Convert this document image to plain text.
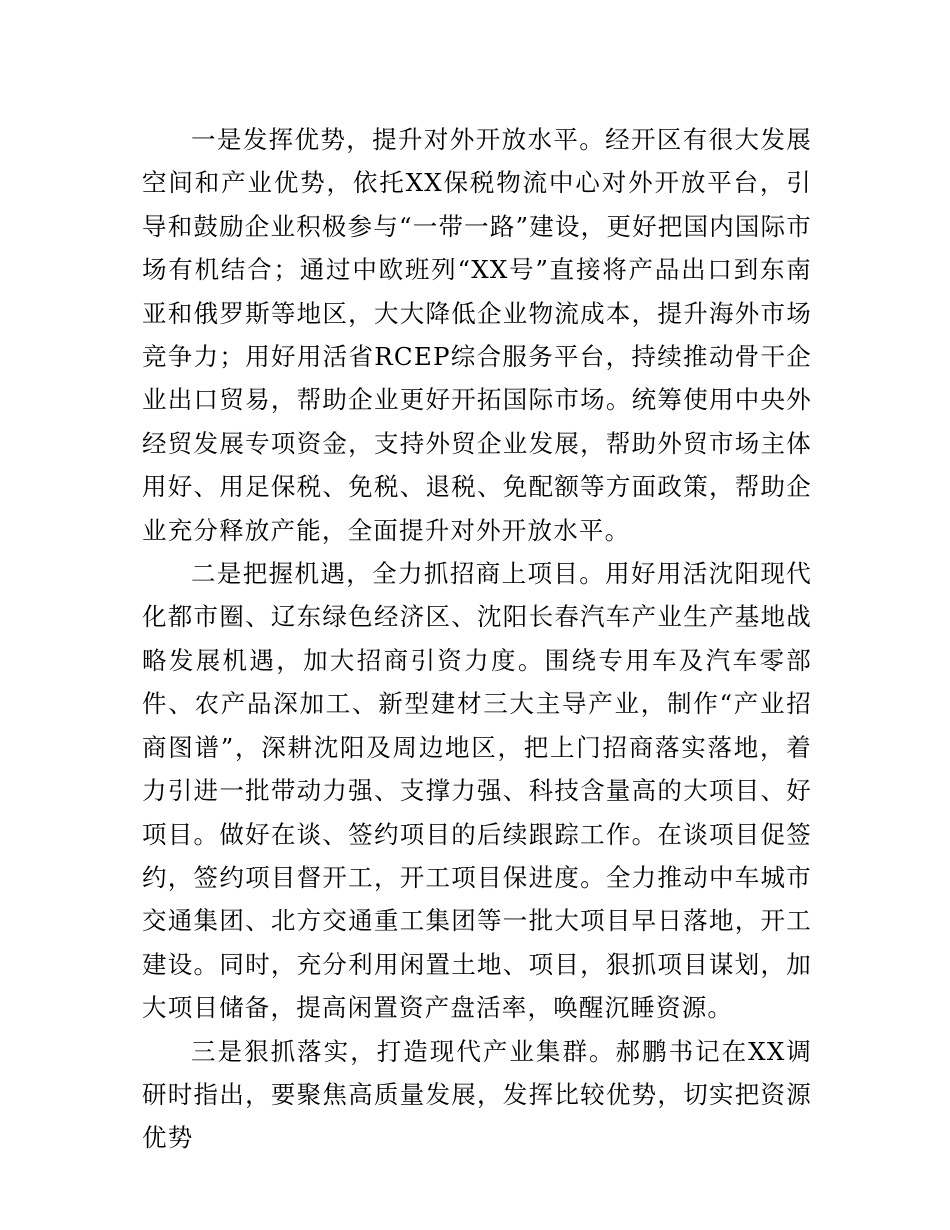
一是发挥优势，提升对外开放水平。经开区有很大发展空间和产业优势，依托XX保税物流中心对外开放平台，引导和鼓励企业积极参与“一带一路”建设，更好把国内国际市场有机结合；通过中欧班列“XX号”直接将产品出口到东南亚和俄罗斯等地区，大大降低企业物流成本，提升海外市场竞争力；用好用活省RCEP综合服务平台，持续推动骨干企业出口贸易，帮助企业更好开拓国际市场。统筹使用中央外经贸发展专项资金，支持外贸企业发展，帮助外贸市场主体用好、用足保税、免税、退税、免配额等方面政策，帮助企业充分释放产能，全面提升对外开放水平。

二是把握机遇，全力抓招商上项目。用好用活沈阳现代化都市圈、辽东绿色经济区、沈阳长春汽车产业生产基地战略发展机遇，加大招商引资力度。围绕专用车及汽车零部件、农产品深加工、新型建材三大主导产业，制作“产业招商图谱”，深耕沈阳及周边地区，把上门招商落实落地，着力引进一批带动力强、支撑力强、科技含量高的大项目、好项目。做好在谈、签约项目的后续跟踪工作。在谈项目促签约，签约项目督开工，开工项目保进度。全力推动中车城市交通集团、北方交通重工集团等一批大项目早日落地，开工建设。同时，充分利用闲置土地、项目，狠抓项目谋划，加大项目储备，提高闲置资产盘活率，唤醒沉睡资源。

三是狠抓落实，打造现代产业集群。郝鹏书记在XX调研时指出，要聚焦高质量发展，发挥比较优势，切实把资源优势
